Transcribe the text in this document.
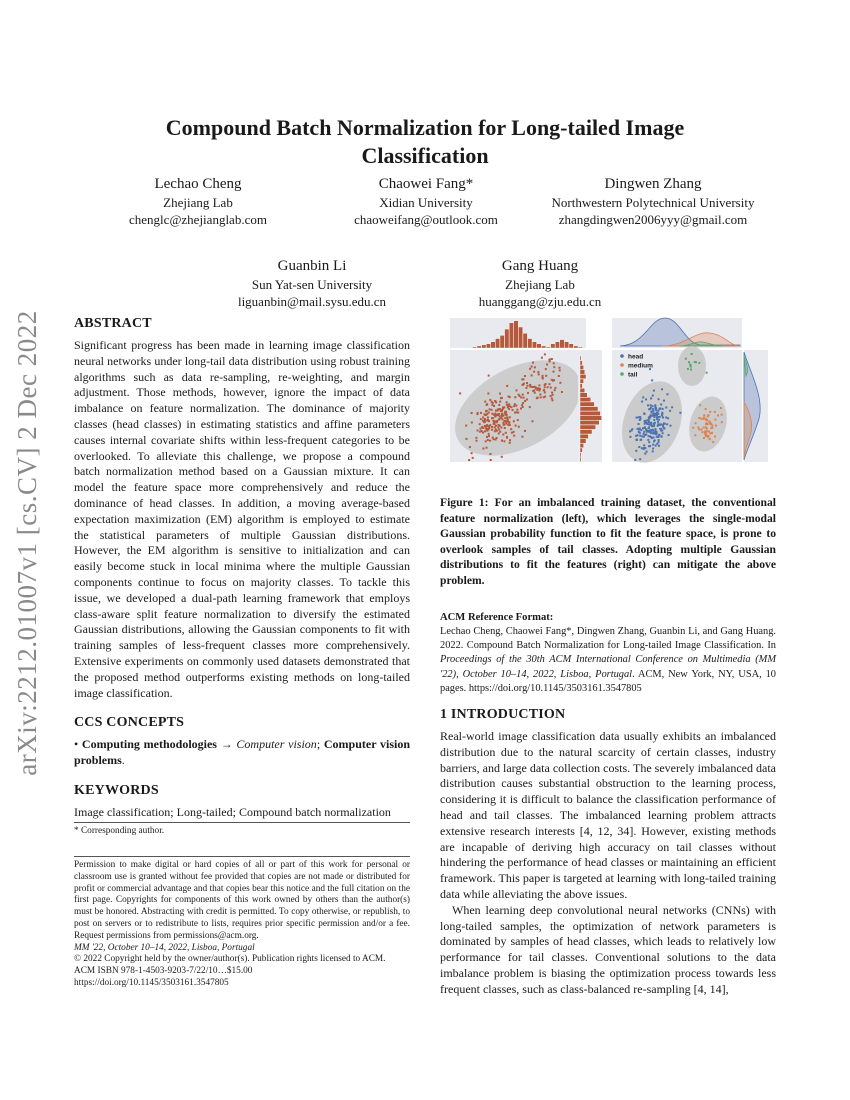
arXiv:2212.01007v1 [cs.CV] 2 Dec 2022
Compound Batch Normalization for Long-tailed Image Classification
Lechao Cheng
Zhejiang Lab
chenglc@zhejianglab.com
Chaowei Fang*
Xidian University
chaoweifang@outlook.com
Dingwen Zhang
Northwestern Polytechnical University
zhangdingwen2006yyy@gmail.com
Guanbin Li
Sun Yat-sen University
liguanbin@mail.sysu.edu.cn
Gang Huang
Zhejiang Lab
huanggang@zju.edu.cn
ABSTRACT
Significant progress has been made in learning image classification neural networks under long-tail data distribution using robust training algorithms such as data re-sampling, re-weighting, and margin adjustment. Those methods, however, ignore the impact of data imbalance on feature normalization. The dominance of majority classes (head classes) in estimating statistics and affine parameters causes internal covariate shifts within less-frequent categories to be overlooked. To alleviate this challenge, we propose a compound batch normalization method based on a Gaussian mixture. It can model the feature space more comprehensively and reduce the dominance of head classes. In addition, a moving average-based expectation maximization (EM) algorithm is employed to estimate the statistical parameters of multiple Gaussian distributions. However, the EM algorithm is sensitive to initialization and can easily become stuck in local minima where the multiple Gaussian components continue to focus on majority classes. To tackle this issue, we developed a dual-path learning framework that employs class-aware split feature normalization to diversify the estimated Gaussian distributions, allowing the Gaussian components to fit with training samples of less-frequent classes more comprehensively. Extensive experiments on commonly used datasets demonstrated that the proposed method outperforms existing methods on long-tailed image classification.
CCS CONCEPTS
• Computing methodologies → Computer vision; Computer vision problems.
KEYWORDS
Image classification; Long-tailed; Compound batch normalization
* Corresponding author.
Permission to make digital or hard copies of all or part of this work for personal or classroom use is granted without fee provided that copies are not made or distributed for profit or commercial advantage and that copies bear this notice and the full citation on the first page. Copyrights for components of this work owned by others than the author(s) must be honored. Abstracting with credit is permitted. To copy otherwise, or republish, to post on servers or to redistribute to lists, requires prior specific permission and/or a fee. Request permissions from permissions@acm.org.
MM '22, October 10–14, 2022, Lisboa, Portugal
© 2022 Copyright held by the owner/author(s). Publication rights licensed to ACM.
ACM ISBN 978-1-4503-9203-7/22/10…$15.00
https://doi.org/10.1145/3503161.3547805
head
medium
tail
Figure 1: For an imbalanced training dataset, the conventional feature normalization (left), which leverages the single-modal Gaussian probability function to fit the feature space, is prone to overlook samples of tail classes. Adopting multiple Gaussian distributions to fit the features (right) can mitigate the above problem.
ACM Reference Format:
Lechao Cheng, Chaowei Fang*, Dingwen Zhang, Guanbin Li, and Gang Huang. 2022. Compound Batch Normalization for Long-tailed Image Classification. In Proceedings of the 30th ACM International Conference on Multimedia (MM '22), October 10–14, 2022, Lisboa, Portugal. ACM, New York, NY, USA, 10 pages. https://doi.org/10.1145/3503161.3547805
1 INTRODUCTION
Real-world image classification data usually exhibits an imbalanced distribution due to the natural scarcity of certain classes, industry barriers, and large data collection costs. The severely imbalanced data distribution causes substantial obstruction to the learning process, considering it is difficult to balance the classification performance of head and tail classes. The imbalanced learning problem attracts extensive research interests [4, 12, 34]. However, existing methods are incapable of deriving high accuracy on tail classes without hindering the performance of head classes or maintaining an efficient framework. This paper is targeted at learning with long-tailed training data while alleviating the above issues.
When learning deep convolutional neural networks (CNNs) with long-tailed samples, the optimization of network parameters is dominated by samples of head classes, which leads to relatively low performance for tail classes. Conventional solutions to the data imbalance problem is biasing the optimization process towards less frequent classes, such as class-balanced re-sampling [4, 14],
